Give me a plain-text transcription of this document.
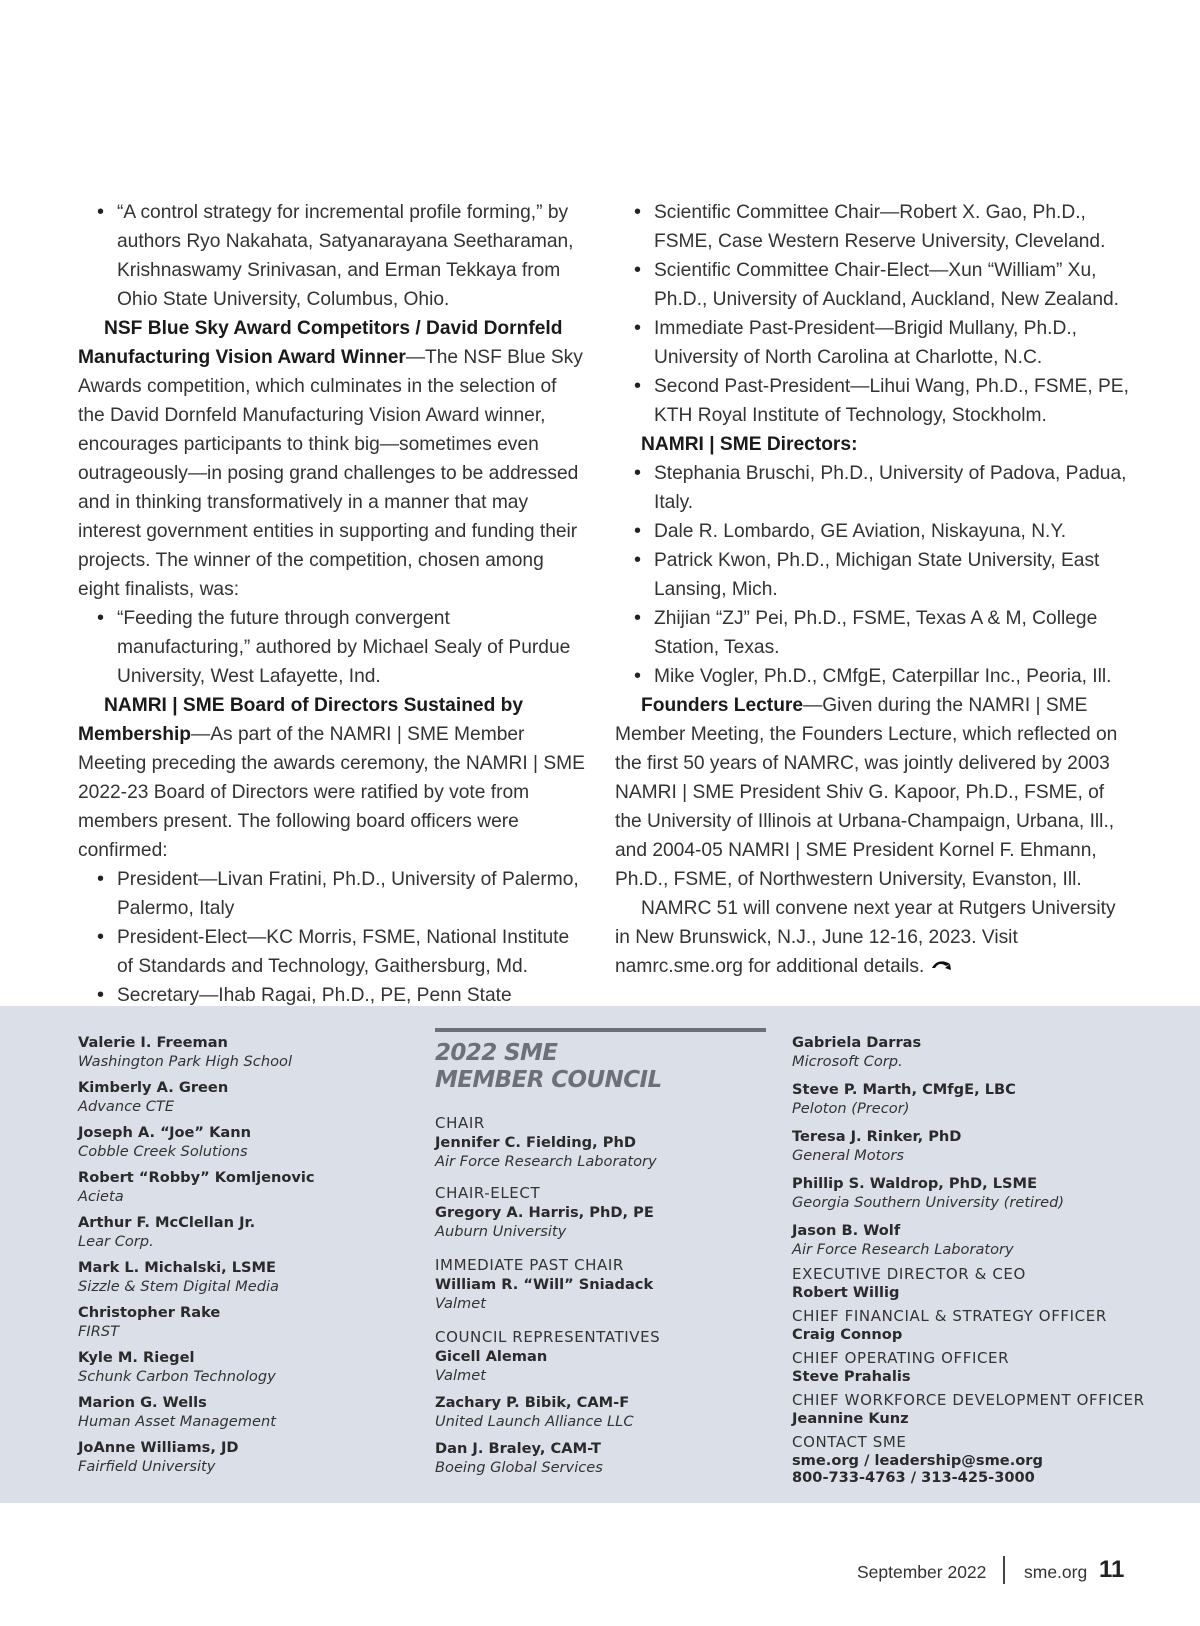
• “A control strategy for incremental profile forming,” by authors Ryo Nakahata, Satyanarayana Seetharaman, Krishnaswamy Srinivasan, and Erman Tekkaya from Ohio State University, Columbus, Ohio.

NSF Blue Sky Award Competitors / David Dornfeld Manufacturing Vision Award Winner—The NSF Blue Sky Awards competition, which culminates in the selection of the David Dornfeld Manufacturing Vision Award winner, encourages participants to think big—sometimes even outrageously—in posing grand challenges to be addressed and in thinking transformatively in a manner that may interest government entities in supporting and funding their projects. The winner of the competition, chosen among eight finalists, was:

• “Feeding the future through convergent manufacturing,” authored by Michael Sealy of Purdue University, West Lafayette, Ind.

NAMRI | SME Board of Directors Sustained by Membership—As part of the NAMRI | SME Member Meeting preceding the awards ceremony, the NAMRI | SME 2022-23 Board of Directors were ratified by vote from members present. The following board officers were confirmed:

• President—Livan Fratini, Ph.D., University of Palermo, Palermo, Italy
• President-Elect—KC Morris, FSME, National Institute of Standards and Technology, Gaithersburg, Md.
• Secretary—Ihab Ragai, Ph.D., PE, Penn State
• Scientific Committee Chair—Robert X. Gao, Ph.D., FSME, Case Western Reserve University, Cleveland.
• Scientific Committee Chair-Elect—Xun “William” Xu, Ph.D., University of Auckland, Auckland, New Zealand.
• Immediate Past-President—Brigid Mullany, Ph.D., University of North Carolina at Charlotte, N.C.
• Second Past-President—Lihui Wang, Ph.D., FSME, PE, KTH Royal Institute of Technology, Stockholm.

NAMRI | SME Directors:

• Stephania Bruschi, Ph.D., University of Padova, Padua, Italy.
• Dale R. Lombardo, GE Aviation, Niskayuna, N.Y.
• Patrick Kwon, Ph.D., Michigan State University, East Lansing, Mich.
• Zhijian “ZJ” Pei, Ph.D., FSME, Texas A & M, College Station, Texas.
• Mike Vogler, Ph.D., CMfgE, Caterpillar Inc., Peoria, Ill.

Founders Lecture—Given during the NAMRI | SME Member Meeting, the Founders Lecture, which reflected on the first 50 years of NAMRC, was jointly delivered by 2003 NAMRI | SME President Shiv G. Kapoor, Ph.D., FSME, of the University of Illinois at Urbana-Champaign, Urbana, Ill., and 2004-05 NAMRI | SME President Kornel F. Ehmann, Ph.D., FSME, of Northwestern University, Evanston, Ill.

NAMRC 51 will convene next year at Rutgers University in New Brunswick, N.J., June 12-16, 2023. Visit namrc.sme.org for additional details.

Valerie I. Freeman
Washington Park High School
Kimberly A. Green
Advance CTE
Joseph A. “Joe” Kann
Cobble Creek Solutions
Robert “Robby” Komljenovic
Acieta
Arthur F. McClellan Jr.
Lear Corp.
Mark L. Michalski, LSME
Sizzle & Stem Digital Media
Christopher Rake
FIRST
Kyle M. Riegel
Schunk Carbon Technology
Marion G. Wells
Human Asset Management
JoAnne Williams, JD
Fairfield University
2022 SME
MEMBER COUNCIL
CHAIR
Jennifer C. Fielding, PhD
Air Force Research Laboratory
CHAIR-ELECT
Gregory A. Harris, PhD, PE
Auburn University
IMMEDIATE PAST CHAIR
William R. “Will” Sniadack
Valmet
COUNCIL REPRESENTATIVES
Gicell Aleman
Valmet
Zachary P. Bibik, CAM-F
United Launch Alliance LLC
Dan J. Braley, CAM-T
Boeing Global Services
Gabriela Darras
Microsoft Corp.
Steve P. Marth, CMfgE, LBC
Peloton (Precor)
Teresa J. Rinker, PhD
General Motors
Phillip S. Waldrop, PhD, LSME
Georgia Southern University (retired)
Jason B. Wolf
Air Force Research Laboratory
EXECUTIVE DIRECTOR & CEO
Robert Willig
CHIEF FINANCIAL & STRATEGY OFFICER
Craig Connop
CHIEF OPERATING OFFICER
Steve Prahalis
CHIEF WORKFORCE DEVELOPMENT OFFICER
Jeannine Kunz
CONTACT SME
sme.org / leadership@sme.org
800-733-4763 / 313-425-3000
September 2022 sme.org 11
